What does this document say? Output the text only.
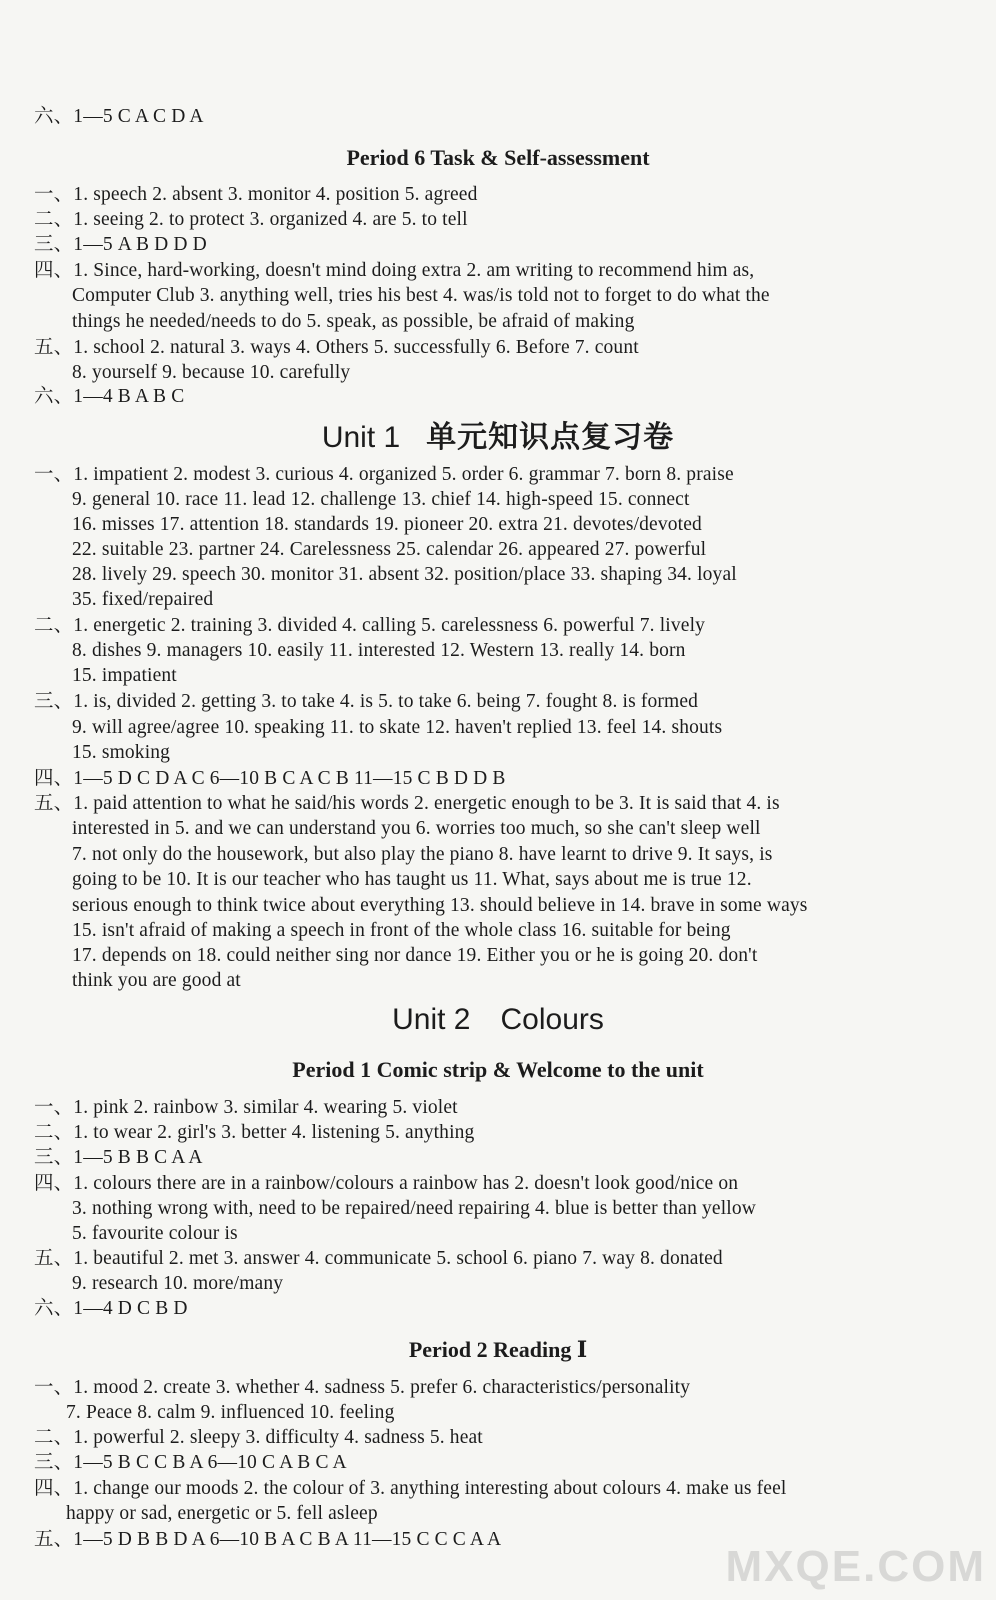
六、1—5 C A C D A
Period 6 Task & Self-assessment
一、1. speech 2. absent 3. monitor 4. position 5. agreed
二、1. seeing 2. to protect 3. organized 4. are 5. to tell
三、1—5 A B D D D
四、1. Since, hard-working, doesn't mind doing extra 2. am writing to recommend him as,
Computer Club 3. anything well, tries his best 4. was/is told not to forget to do what the
things he needed/needs to do 5. speak, as possible, be afraid of making
五、1. school 2. natural 3. ways 4. Others 5. successfully 6. Before 7. count
8. yourself 9. because 10. carefully
六、1—4 B A B C
Unit 1 单元知识点复习卷
一、1. impatient 2. modest 3. curious 4. organized 5. order 6. grammar 7. born 8. praise
9. general 10. race 11. lead 12. challenge 13. chief 14. high-speed 15. connect
16. misses 17. attention 18. standards 19. pioneer 20. extra 21. devotes/devoted
22. suitable 23. partner 24. Carelessness 25. calendar 26. appeared 27. powerful
28. lively 29. speech 30. monitor 31. absent 32. position/place 33. shaping 34. loyal
35. fixed/repaired
二、1. energetic 2. training 3. divided 4. calling 5. carelessness 6. powerful 7. lively
8. dishes 9. managers 10. easily 11. interested 12. Western 13. really 14. born
15. impatient
三、1. is, divided 2. getting 3. to take 4. is 5. to take 6. being 7. fought 8. is formed
9. will agree/agree 10. speaking 11. to skate 12. haven't replied 13. feel 14. shouts
15. smoking
四、1—5 D C D A C 6—10 B C A C B 11—15 C B D D B
五、1. paid attention to what he said/his words 2. energetic enough to be 3. It is said that 4. is
interested in 5. and we can understand you 6. worries too much, so she can't sleep well
7. not only do the housework, but also play the piano 8. have learnt to drive 9. It says, is
going to be 10. It is our teacher who has taught us 11. What, says about me is true 12.
serious enough to think twice about everything 13. should believe in 14. brave in some ways
15. isn't afraid of making a speech in front of the whole class 16. suitable for being
17. depends on 18. could neither sing nor dance 19. Either you or he is going 20. don't
think you are good at
Unit 2 Colours
Period 1 Comic strip & Welcome to the unit
一、1. pink 2. rainbow 3. similar 4. wearing 5. violet
二、1. to wear 2. girl's 3. better 4. listening 5. anything
三、1—5 B B C A A
四、1. colours there are in a rainbow/colours a rainbow has 2. doesn't look good/nice on
3. nothing wrong with, need to be repaired/need repairing 4. blue is better than yellow
5. favourite colour is
五、1. beautiful 2. met 3. answer 4. communicate 5. school 6. piano 7. way 8. donated
9. research 10. more/many
六、1—4 D C B D
Period 2 Reading Ⅰ
一、1. mood 2. create 3. whether 4. sadness 5. prefer 6. characteristics/personality
7. Peace 8. calm 9. influenced 10. feeling
二、1. powerful 2. sleepy 3. difficulty 4. sadness 5. heat
三、1—5 B C C B A 6—10 C A B C A
四、1. change our moods 2. the colour of 3. anything interesting about colours 4. make us feel
happy or sad, energetic or 5. fell asleep
五、1—5 D B B D A 6—10 B A C B A 11—15 C C C A A
MXQE.COM
